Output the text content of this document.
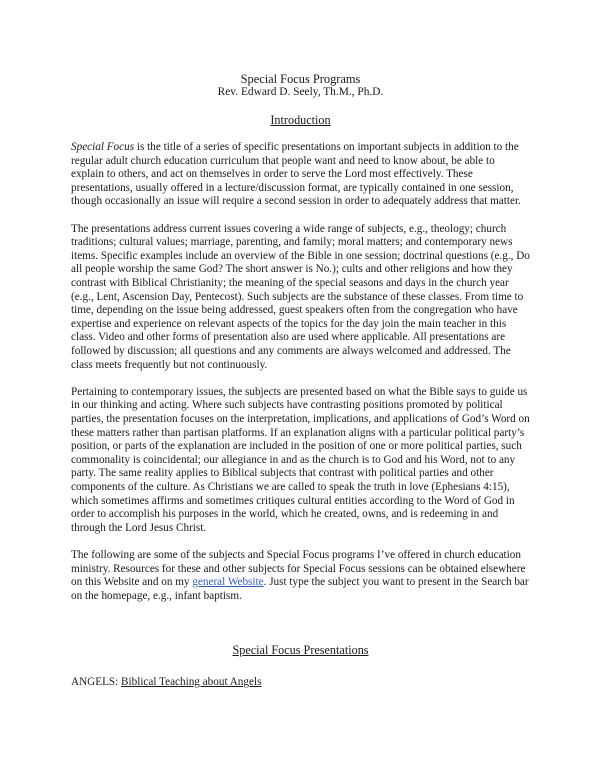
Special Focus Programs
Rev. Edward D. Seely, Th.M., Ph.D.
Introduction

Special Focus is the title of a series of specific presentations on important subjects in addition to the regular adult church education curriculum that people want and need to know about, be able to explain to others, and act on themselves in order to serve the Lord most effectively. These presentations, usually offered in a lecture/discussion format, are typically contained in one session, though occasionally an issue will require a second session in order to adequately address that matter.

The presentations address current issues covering a wide range of subjects, e.g., theology; church traditions; cultural values; marriage, parenting, and family; moral matters; and contemporary news items. Specific examples include an overview of the Bible in one session; doctrinal questions (e.g., Do all people worship the same God? The short answer is No.); cults and other religions and how they contrast with Biblical Christianity; the meaning of the special seasons and days in the church year (e.g., Lent, Ascension Day, Pentecost). Such subjects are the substance of these classes. From time to time, depending on the issue being addressed, guest speakers often from the congregation who have expertise and experience on relevant aspects of the topics for the day join the main teacher in this class. Video and other forms of presentation also are used where applicable. All presentations are followed by discussion; all questions and any comments are always welcomed and addressed. The class meets frequently but not continuously.

Pertaining to contemporary issues, the subjects are presented based on what the Bible says to guide us in our thinking and acting. Where such subjects have contrasting positions promoted by political parties, the presentation focuses on the interpretation, implications, and applications of God’s Word on these matters rather than partisan platforms. If an explanation aligns with a particular political party’s position, or parts of the explanation are included in the position of one or more political parties, such commonality is coincidental; our allegiance in and as the church is to God and his Word, not to any party. The same reality applies to Biblical subjects that contrast with political parties and other components of the culture. As Christians we are called to speak the truth in love (Ephesians 4:15), which sometimes affirms and sometimes critiques cultural entities according to the Word of God in order to accomplish his purposes in the world, which he created, owns, and is redeeming in and through the Lord Jesus Christ.

The following are some of the subjects and Special Focus programs I’ve offered in church education ministry. Resources for these and other subjects for Special Focus sessions can be obtained elsewhere on this Website and on my general Website. Just type the subject you want to present in the Search bar on the homepage, e.g., infant baptism.

Special Focus Presentations
ANGELS: Biblical Teaching about Angels
